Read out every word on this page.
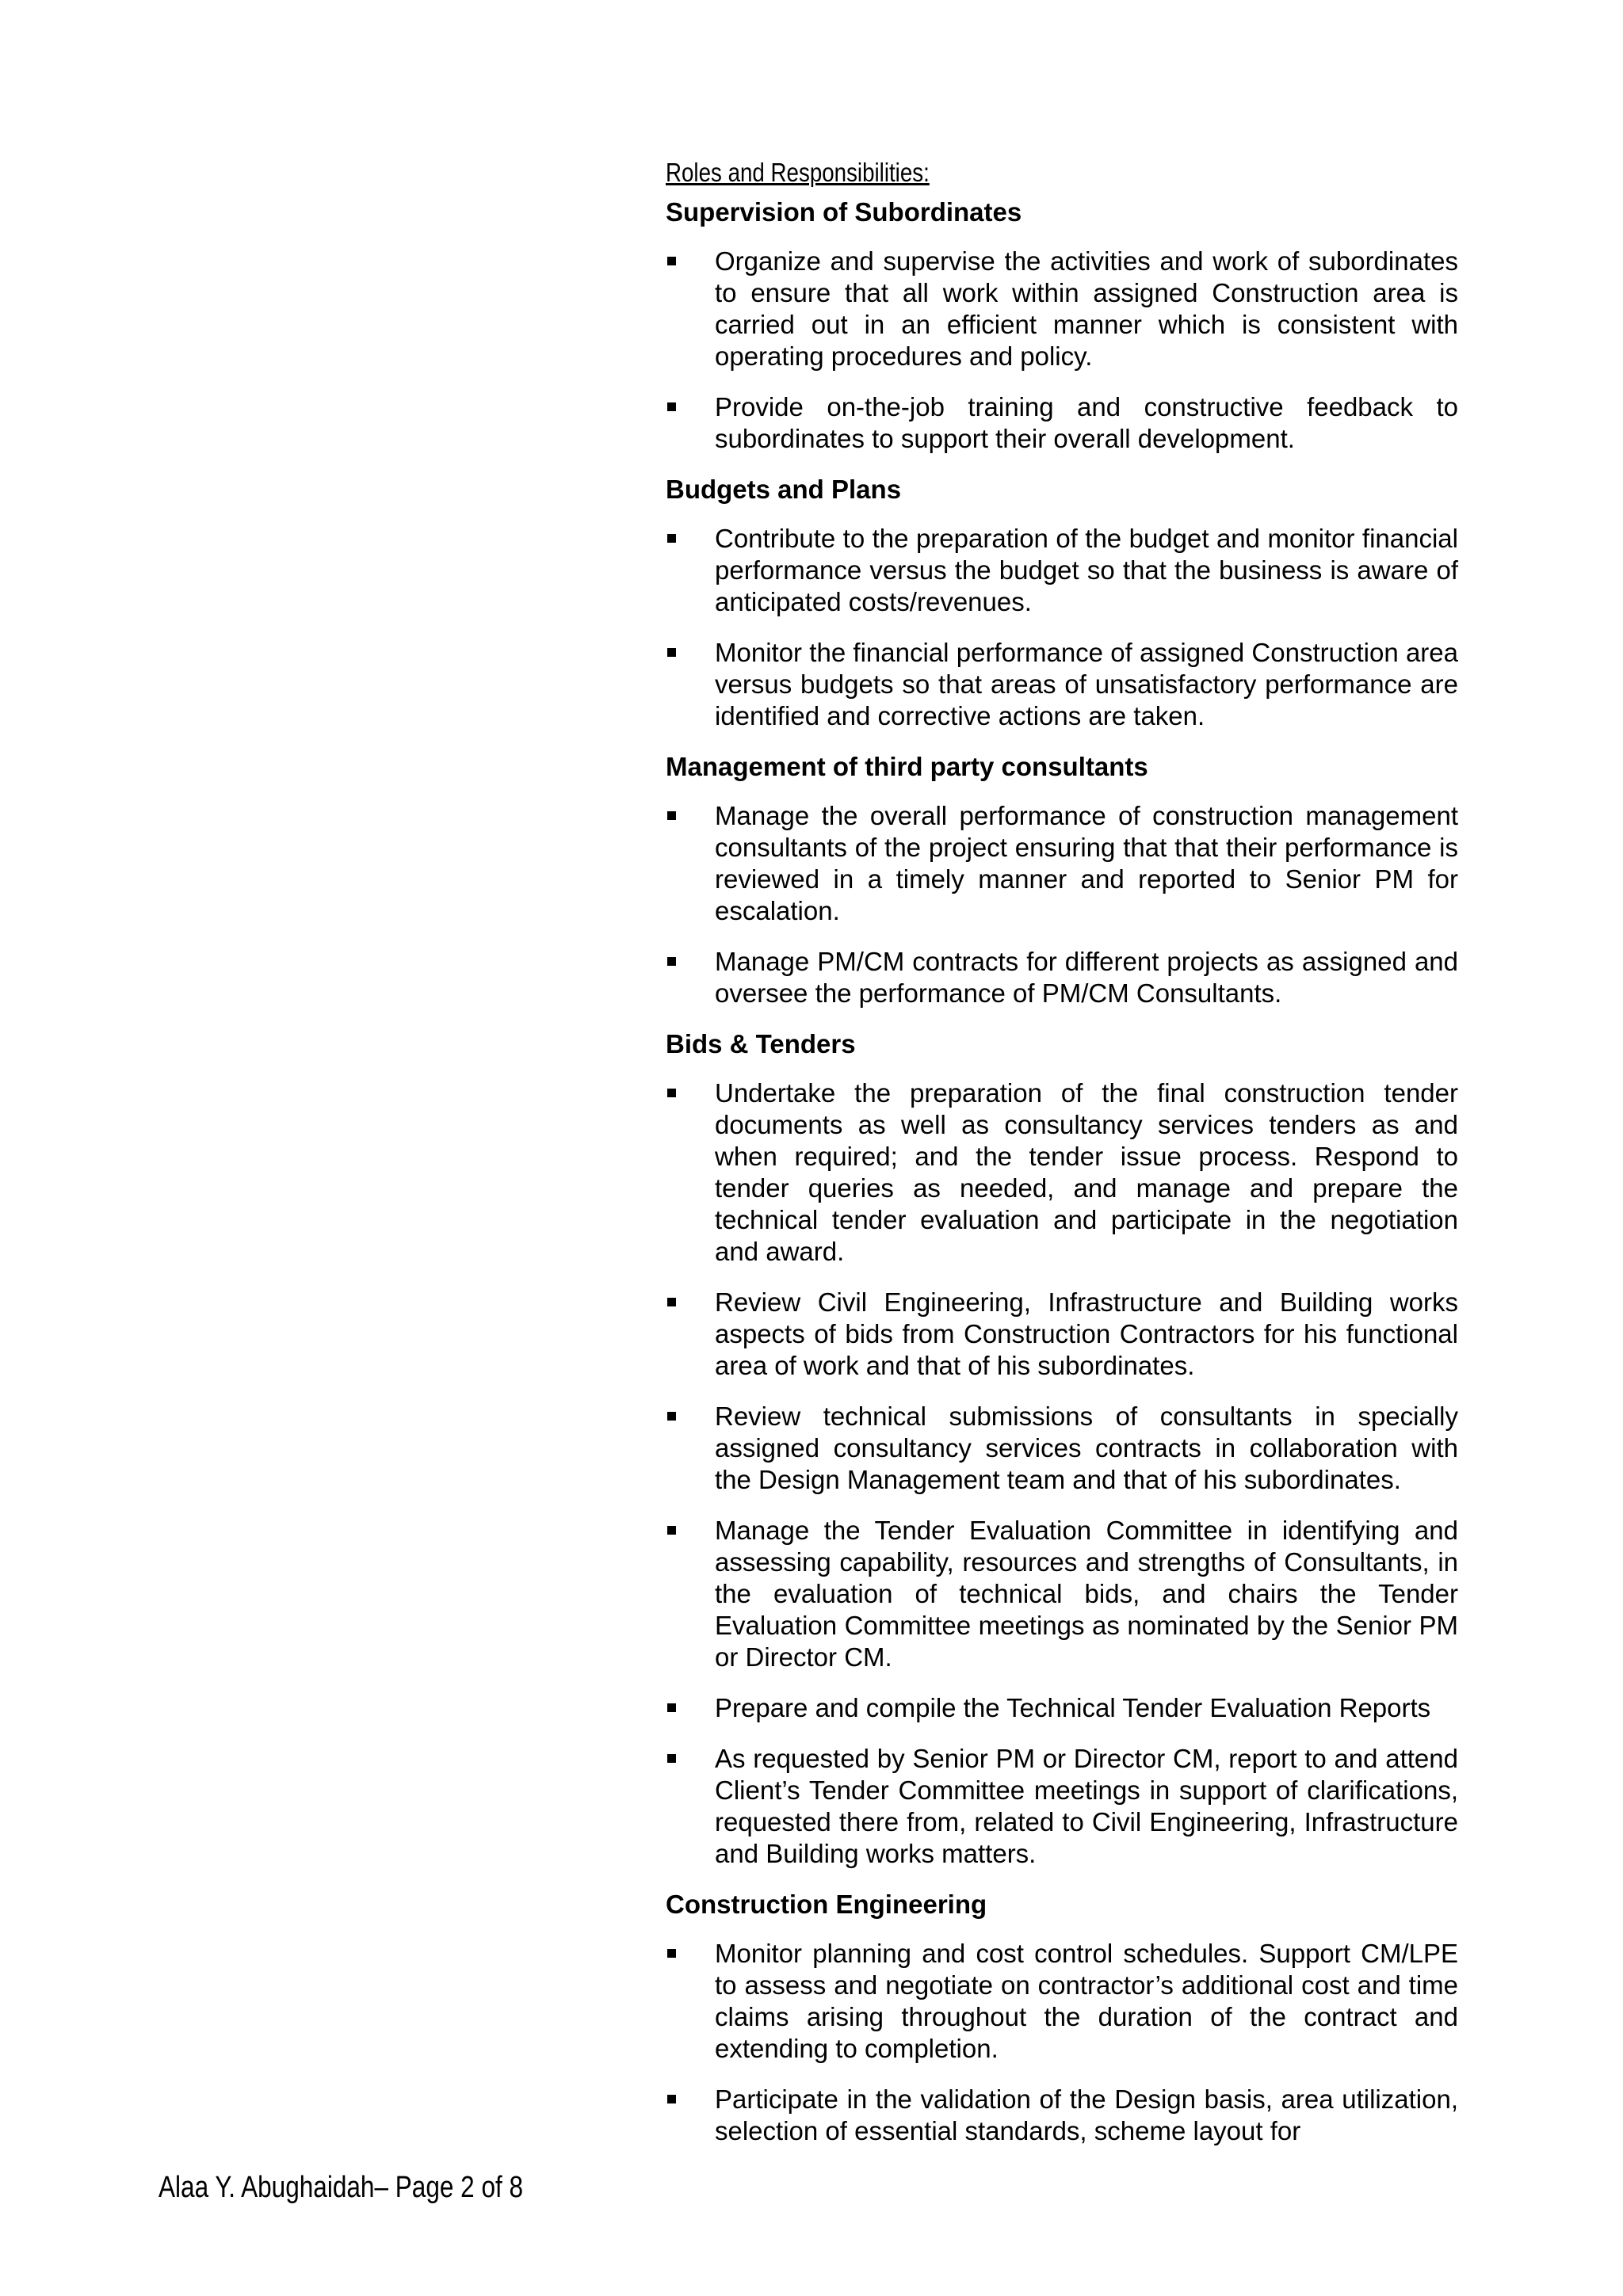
Roles and Responsibilities:
Supervision of Subordinates
Organize and supervise the activities and work of subordinates to ensure that all work within assigned Construction area is carried out in an efficient manner which is consistent with operating procedures and policy.
Provide on-the-job training and constructive feedback to subordinates to support their overall development.
Budgets and Plans
Contribute to the preparation of the budget and monitor financial performance versus the budget so that the business is aware of anticipated costs/revenues.
Monitor the financial performance of assigned Construction area versus budgets so that areas of unsatisfactory performance are identified and corrective actions are taken.
Management of third party consultants
Manage the overall performance of construction management consultants of the project ensuring that that their performance is reviewed in a timely manner and reported to Senior PM for escalation.
Manage PM/CM contracts for different projects as assigned and oversee the performance of PM/CM Consultants.
Bids & Tenders
Undertake the preparation of the final construction tender documents as well as consultancy services tenders as and when required; and the tender issue process. Respond to tender queries as needed, and manage and prepare the technical tender evaluation and participate in the negotiation and award.
Review Civil Engineering, Infrastructure and Building works aspects of bids from Construction Contractors for his functional area of work and that of his subordinates.
Review technical submissions of consultants in specially assigned consultancy services contracts in collaboration with the Design Management team and that of his subordinates.
Manage the Tender Evaluation Committee in identifying and assessing capability, resources and strengths of Consultants, in the evaluation of technical bids, and chairs the Tender Evaluation Committee meetings as nominated by the Senior PM or Director CM.
Prepare and compile the Technical Tender Evaluation Reports
As requested by Senior PM or Director CM, report to and attend Client’s Tender Committee meetings in support of clarifications, requested there from, related to Civil Engineering, Infrastructure and Building works matters.
Construction Engineering
Monitor planning and cost control schedules. Support CM/LPE to assess and negotiate on contractor’s additional cost and time claims arising throughout the duration of the contract and extending to completion.
Participate in the validation of the Design basis, area utilization, selection of essential standards, scheme layout for
Alaa Y. Abughaidah– Page 2 of 8
